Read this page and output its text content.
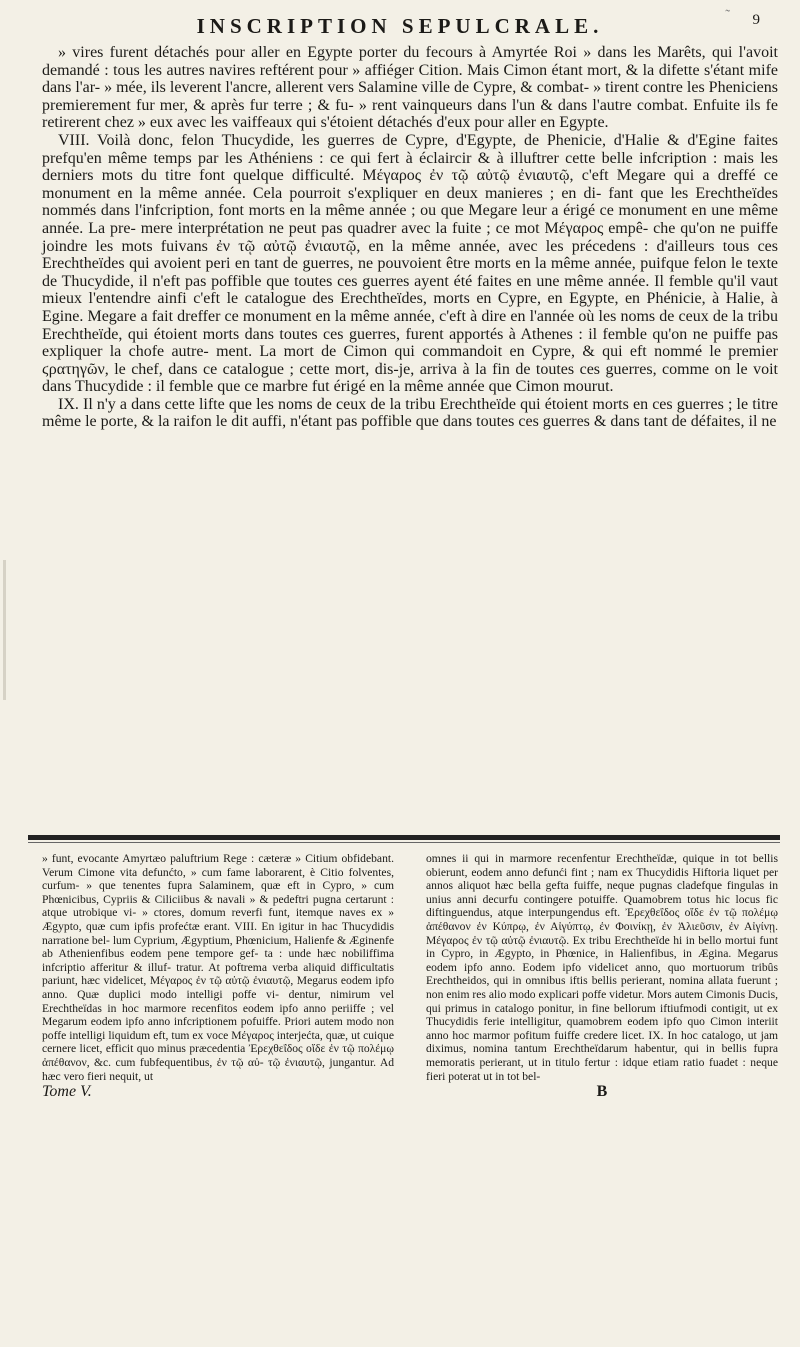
˜
INSCRIPTION SEPULCRALE.	9

» vires furent détachés pour aller en Egypte porter du fecours à Amyrtée Roi » dans les Marêts, qui l'avoit demandé : tous les autres navires reftérent pour » affiéger Cition. Mais Cimon étant mort, & la difette s'étant mife dans l'ar- » mée, ils leverent l'ancre, allerent vers Salamine ville de Cypre, & combat- » tirent contre les Pheniciens premierement fur mer, & après fur terre ; & fu- » rent vainqueurs dans l'un & dans l'autre combat. Enfuite ils fe retirerent chez » eux avec les vaiffeaux qui s'étoient détachés d'eux pour aller en Egypte.

VIII. Voilà donc, felon Thucydide, les guerres de Cypre, d'Egypte, de Phenicie, d'Halie & d'Egine faites prefqu'en même temps par les Athéniens : ce qui fert à éclaircir & à illuftrer cette belle infcription : mais les derniers mots du titre font quelque difficulté. Μέγαρος ἐν τῷ αὐτῷ ἐνιαυτῷ, c'eft Megare qui a dreffé ce monument en la même année. Cela pourroit s'expliquer en deux manieres ; en di- fant que les Erechtheïdes nommés dans l'infcription, font morts en la même année ; ou que Megare leur a érigé ce monument en une même année. La pre- mere interprétation ne peut pas quadrer avec la fuite ; ce mot Μέγαρος empê- che qu'on ne puiffe joindre les mots fuivans ἐν τῷ αὐτῷ ἐνιαυτῷ, en la même année, avec les précedens : d'ailleurs tous ces Erechtheïdes qui avoient peri en tant de guerres, ne pouvoient être morts en la même année, puifque felon le texte de Thucydide, il n'eft pas poffible que toutes ces guerres ayent été faites en une même année. Il femble qu'il vaut mieux l'entendre ainfi c'eft le catalogue des Erechtheïdes, morts en Cypre, en Egypte, en Phénicie, à Halie, à Egine. Megare a fait dreffer ce monument en la même année, c'eft à dire en l'année où les noms de ceux de la tribu Erechtheïde, qui étoient morts dans toutes ces guerres, furent apportés à Athenes : il femble qu'on ne puiffe pas expliquer la chofe autre- ment. La mort de Cimon qui commandoit en Cypre, & qui eft nommé le premier ϛρατηγῶν, le chef, dans ce catalogue ; cette mort, dis-je, arriva à la fin de toutes ces guerres, comme on le voit dans Thucydide : il femble que ce marbre fut érigé en la même année que Cimon mourut.

IX. Il n'y a dans cette lifte que les noms de ceux de la tribu Erechtheïde qui étoient morts en ces guerres ; le titre même le porte, & la raifon le dit auffi, n'étant pas poffible que dans toutes ces guerres & dans tant de défaites, il ne

» funt, evocante Amyrtæo paluftrium Rege : cæteræ » Citium obfidebant. Verum Cimone vita defunćto, » cum fame laborarent, è Citio folventes, curfum- » que tenentes fupra Salaminem, quæ eft in Cypro, » cum Phœnicibus, Cypriis & Ciliciibus & navali » & pedeftri pugna certarunt : atque utrobique vi- » ctores, domum reverfi funt, itemque naves ex » Ægypto, quæ cum ipfis profećtæ erant. VIII. En igitur in hac Thucydidis narratione bel- lum Cyprium, Ægyptium, Phœnicium, Halienfe & Æginenfe ab Athenienfibus eodem pene tempore gef- ta : unde hæc nobiliffima infcriptio afferitur & illuf- tratur. At poftrema verba aliquid difficultatis pariunt, hæc videlicet, Μέγαρος ἐν τῷ αὐτῷ ἐνιαυτῷ, Megarus eodem ipfo anno. Quæ duplici modo intelligi poffe vi- dentur, nimirum vel Erechtheïdas in hoc marmore recenfitos eodem ipfo anno periiffe ; vel Megarum eodem ipfo anno infcriptionem pofuiffe. Priori autem modo non poffe intelligi liquidum eft, tum ex voce Μέγαρος interjećta, quæ, ut cuique cernere licet, efficit quo minus præcedentia Ἐρεχθεΐδος οἵδε ἐν τῷ πολέμῳ ἀπέθανον, &c. cum fubfequentibus, ἐν τῷ αὐ- τῷ ἐνιαυτῷ, jungantur. Ad hæc vero fieri nequit, ut

Tome V.

omnes ii qui in marmore recenfentur Erechtheïdæ, quique in tot bellis obierunt, eodem anno defunći fint ; nam ex Thucydidis Hiftoria liquet per annos aliquot hæc bella gefta fuiffe, neque pugnas cladefque fingulas in unius anni decurfu contingere potuiffe. Quamobrem totus hic locus fic diftinguendus, atque interpungendus eft. Ἐρεχθεΐδος οἵδε ἐν τῷ πολέμῳ ἀπέθανον ἐν Κύπρῳ, ἐν Αἰγύπτῳ, ἐν Φοινίκῃ, ἐν Ἁλιεῦσιν, ἐν Αἰγίνῃ. Μέγαρος ἐν τῷ αὐτῷ ἐνιαυτῷ. Ex tribu Erechtheïde hi in bello mortui funt in Cypro, in Ægypto, in Phœnice, in Halienfibus, in Ægina. Megarus eodem ipfo anno. Eodem ipfo videlicet anno, quo mortuorum tribûs Erechtheidos, qui in omnibus iftis bellis perierant, nomina allata fuerunt ; non enim res alio modo explicari poffe videtur. Mors autem Cimonis Ducis, qui primus in catalogo ponitur, in fine bellorum iftiufmodi contigit, ut ex Thucydidis ferie intelligitur, quamobrem eodem ipfo quo Cimon interiit anno hoc marmor pofitum fuiffe credere licet. IX. In hoc catalogo, ut jam diximus, nomina tantum Erechtheïdarum habentur, qui in bellis fupra memoratis perierant, ut in titulo fertur : idque etiam ratio fuadet : neque fieri poterat ut in tot bel-

B
